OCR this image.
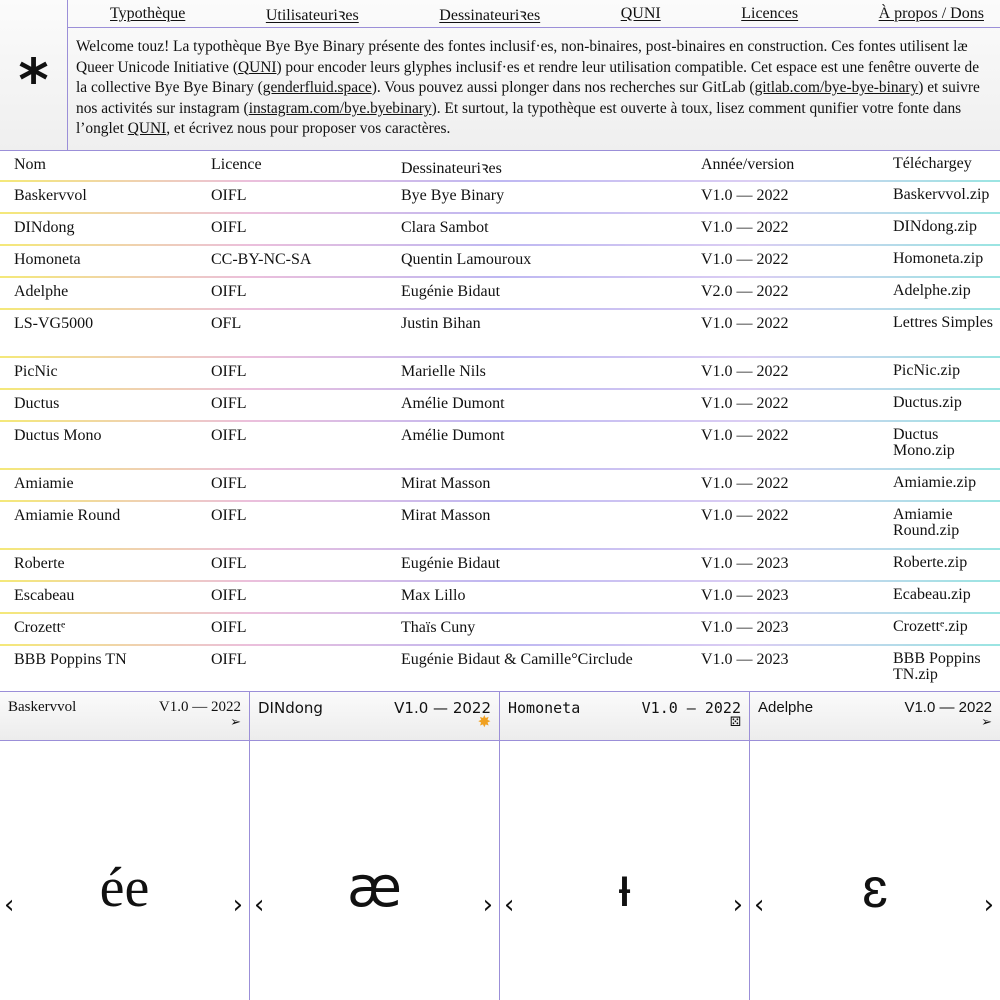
*
Typothèque	Utilisateuriꝛes	Dessinateuriꝛes	QUNI	Licences	À propos / Dons

Welcome touz! La typothèque Bye Bye Binary présente des fontes inclusif·es, non-binaires, post-binaires en construction. Ces fontes utilisent læ Queer Unicode Initiative (QUNI) pour encoder leurs glyphes inclusif·es et rendre leur utilisation compatible. Cet espace est une fenêtre ouverte de la collective Bye Bye Binary (genderfluid.space). Vous pouvez aussi plonger dans nos recherches sur GitLab (gitlab.com/bye-bye-binary) et suivre nos activités sur instagram (instagram.com/bye.byebinary). Et surtout, la typothèque est ouverte à toux, lisez comment qunifier votre fonte dans l’onglet QUNI, et écrivez nous pour proposer vos caractères.

Nom	Licence	Dessinateuriꝛes	Année/version	Téléchargey
Baskervvol	OIFL	Bye Bye Binary	V1.0 — 2022	Baskervvol.zip
DINdong	OIFL	Clara Sambot	V1.0 — 2022	DINdong.zip
Homoneta	CC-BY-NC-SA	Quentin Lamouroux	V1.0 — 2022	Homoneta.zip
Adelphe	OIFL	Eugénie Bidaut	V2.0 — 2022	Adelphe.zip
LS-VG5000	OFL	Justin Bihan	V1.0 — 2022	Lettres Simples
PicNic	OIFL	Marielle Nils	V1.0 — 2022	PicNic.zip
Ductus	OIFL	Amélie Dumont	V1.0 — 2022	Ductus.zip
Ductus Mono	OIFL	Amélie Dumont	V1.0 — 2022	Ductus Mono.zip
Amiamie	OIFL	Mirat Masson	V1.0 — 2022	Amiamie.zip
Amiamie Round	OIFL	Mirat Masson	V1.0 — 2022	Amiamie Round.zip
Roberte	OIFL	Eugénie Bidaut	V1.0 — 2023	Roberte.zip
Escabeau	OIFL	Max Lillo	V1.0 — 2023	Ecabeau.zip
Crozettᵉ	OIFL	Thaïs Cuny	V1.0 — 2023	Crozettᵉ.zip
BBB Poppins TN	OIFL	Eugénie Bidaut & Camille°Circlude	V1.0 — 2023	BBB Poppins TN.zip
Baskervvol	V1.0 — 2022
➢
‹	ée	›
DINdong	V1.0 — 2022
✸
‹	æ	›
Homoneta	V1.0 — 2022
⚄
‹	ᵼ	›
Adelphe	V1.0 — 2022
➢
‹	ɛ	›
